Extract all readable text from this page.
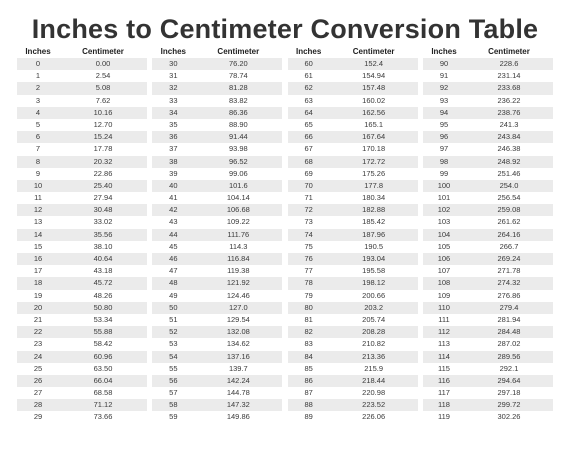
Inches to Centimeter Conversion Table
Inches	Centimeter
0	0.00
1	2.54
2	5.08
3	7.62
4	10.16
5	12.70
6	15.24
7	17.78
8	20.32
9	22.86
10	25.40
11	27.94
12	30.48
13	33.02
14	35.56
15	38.10
16	40.64
17	43.18
18	45.72
19	48.26
20	50.80
21	53.34
22	55.88
23	58.42
24	60.96
25	63.50
26	66.04
27	68.58
28	71.12
29	73.66
Inches	Centimeter
30	76.20
31	78.74
32	81.28
33	83.82
34	86.36
35	88.90
36	91.44
37	93.98
38	96.52
39	99.06
40	101.6
41	104.14
42	106.68
43	109.22
44	111.76
45	114.3
46	116.84
47	119.38
48	121.92
49	124.46
50	127.0
51	129.54
52	132.08
53	134.62
54	137.16
55	139.7
56	142.24
57	144.78
58	147.32
59	149.86
Inches	Centimeter
60	152.4
61	154.94
62	157.48
63	160.02
64	162.56
65	165.1
66	167.64
67	170.18
68	172.72
69	175.26
70	177.8
71	180.34
72	182.88
73	185.42
74	187.96
75	190.5
76	193.04
77	195.58
78	198.12
79	200.66
80	203.2
81	205.74
82	208.28
83	210.82
84	213.36
85	215.9
86	218.44
87	220.98
88	223.52
89	226.06
Inches	Centimeter
90	228.6
91	231.14
92	233.68
93	236.22
94	238.76
95	241.3
96	243.84
97	246.38
98	248.92
99	251.46
100	254.0
101	256.54
102	259.08
103	261.62
104	264.16
105	266.7
106	269.24
107	271.78
108	274.32
109	276.86
110	279.4
111	281.94
112	284.48
113	287.02
114	289.56
115	292.1
116	294.64
117	297.18
118	299.72
119	302.26
